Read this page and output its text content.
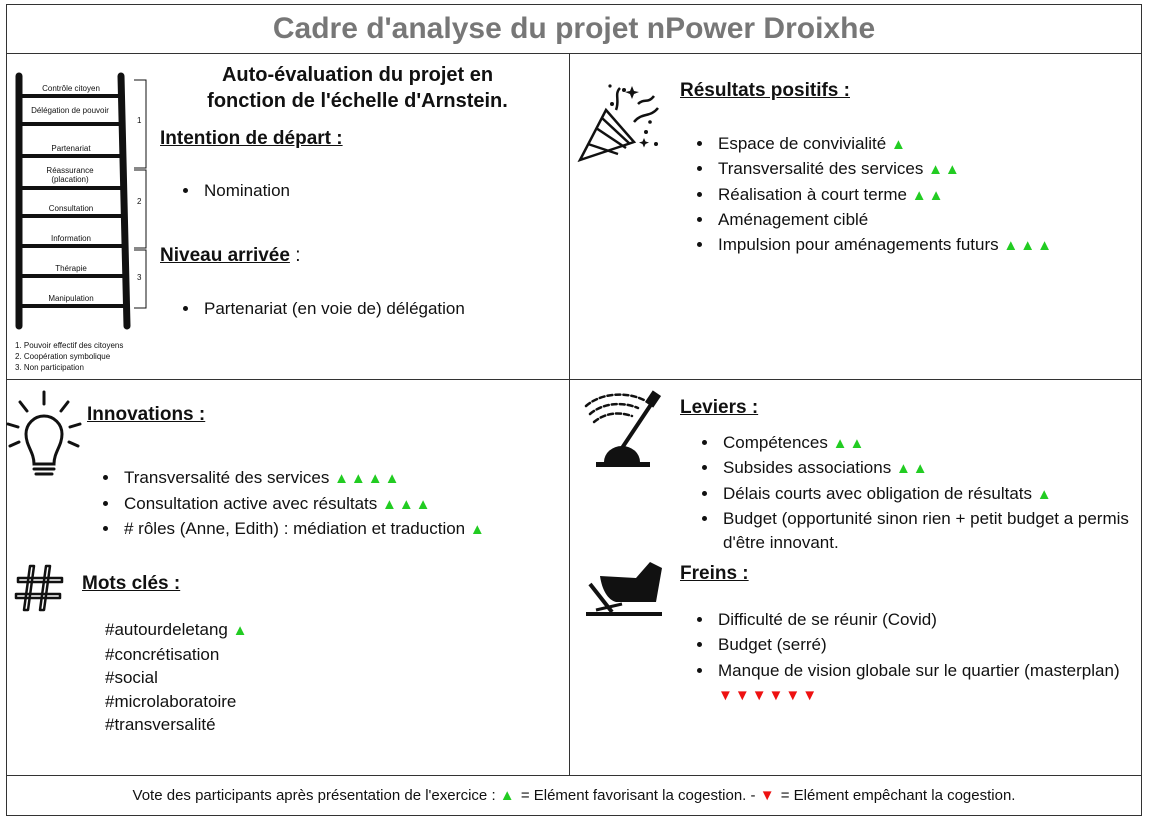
Cadre d'analyse du projet nPower Droixhe
Contrôle citoyen
Délégation de pouvoir
Partenariat
Réassurance (placation)
Consultation
Information
Thérapie
Manipulation
1
2
3
1. Pouvoir effectif des citoyens
2. Coopération symbolique
3. Non participation
Auto-évaluation du projet en
fonction de l'échelle d'Arnstein.
Intention de départ :
• Nomination
Niveau arrivée :
• Partenariat (en voie de) délégation
Résultats positifs :
• Espace de convivialité ▲
• Transversalité des services ▲▲
• Réalisation à court terme ▲▲
• Aménagement ciblé
• Impulsion pour aménagements futurs ▲▲▲
Innovations :
• Transversalité des services ▲▲▲▲
• Consultation active avec résultats ▲▲▲
• # rôles (Anne, Edith) : médiation et traduction ▲
Mots clés :
#autourdeletang ▲
#concrétisation
#social
#microlaboratoire
#transversalité
Leviers :
• Compétences ▲▲
• Subsides associations ▲▲
• Délais courts avec obligation de résultats ▲
• Budget (opportunité sinon rien + petit budget a permis d'être innovant.
Freins :
• Difficulté de se réunir (Covid)
• Budget (serré)
• Manque de vision globale sur le quartier (masterplan) ▼▼▼▼▼▼
Vote des participants après présentation de l'exercice : ▲ = Elément favorisant la cogestion. - ▼ = Elément empêchant la cogestion.
